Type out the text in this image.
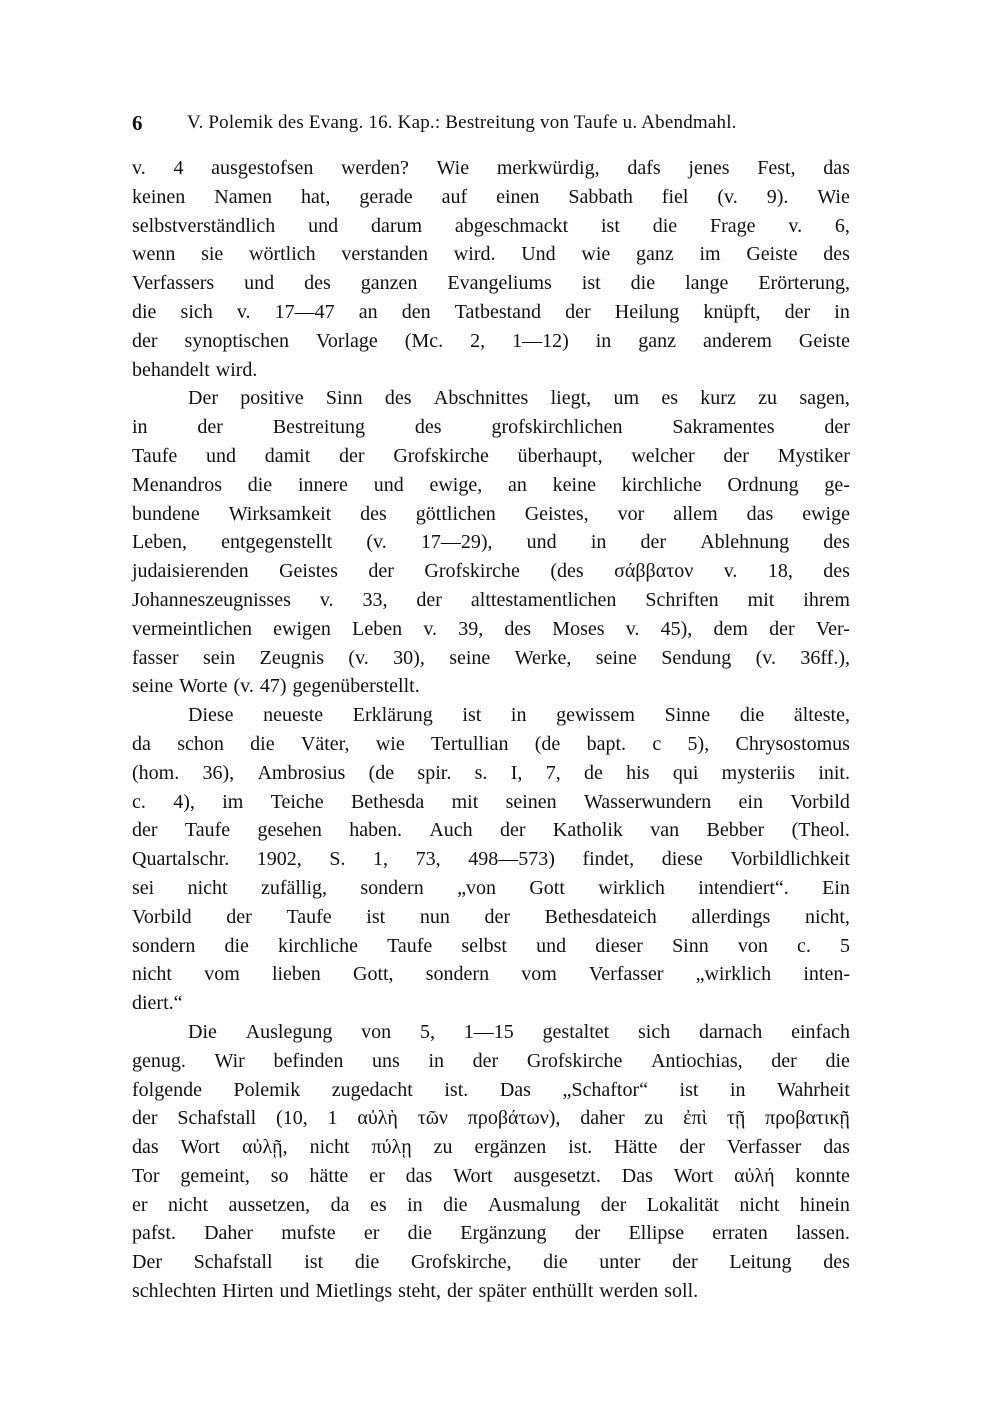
6 V. Polemik des Evang. 16. Kap.: Bestreitung von Taufe u. Abendmahl.
v. 4 ausgestofsen werden? Wie merkwürdig, dafs jenes Fest, das
keinen Namen hat, gerade auf einen Sabbath fiel (v. 9). Wie
selbstverständlich und darum abgeschmackt ist die Frage v. 6,
wenn sie wörtlich verstanden wird. Und wie ganz im Geiste des
Verfassers und des ganzen Evangeliums ist die lange Erörterung,
die sich v. 17—47 an den Tatbestand der Heilung knüpft, der in
der synoptischen Vorlage (Mc. 2, 1—12) in ganz anderem Geiste
behandelt wird.
Der positive Sinn des Abschnittes liegt, um es kurz zu sagen,
in der Bestreitung des grofskirchlichen Sakramentes der
Taufe und damit der Grofskirche überhaupt, welcher der Mystiker
Menandros die innere und ewige, an keine kirchliche Ordnung ge-
bundene Wirksamkeit des göttlichen Geistes, vor allem das ewige
Leben, entgegenstellt (v. 17—29), und in der Ablehnung des
judaisierenden Geistes der Grofskirche (des σάββατον v. 18, des
Johanneszeugnisses v. 33, der alttestamentlichen Schriften mit ihrem
vermeintlichen ewigen Leben v. 39, des Moses v. 45), dem der Ver-
fasser sein Zeugnis (v. 30), seine Werke, seine Sendung (v. 36ff.),
seine Worte (v. 47) gegenüberstellt.
Diese neueste Erklärung ist in gewissem Sinne die älteste,
da schon die Väter, wie Tertullian (de bapt. c 5), Chrysostomus
(hom. 36), Ambrosius (de spir. s. I, 7, de his qui mysteriis init.
c. 4), im Teiche Bethesda mit seinen Wasserwundern ein Vorbild
der Taufe gesehen haben. Auch der Katholik van Bebber (Theol.
Quartalschr. 1902, S. 1, 73, 498—573) findet, diese Vorbildlichkeit
sei nicht zufällig, sondern „von Gott wirklich intendiert“. Ein
Vorbild der Taufe ist nun der Bethesdateich allerdings nicht,
sondern die kirchliche Taufe selbst und dieser Sinn von c. 5
nicht vom lieben Gott, sondern vom Verfasser „wirklich inten-
diert.“
Die Auslegung von 5, 1—15 gestaltet sich darnach einfach
genug. Wir befinden uns in der Grofskirche Antiochias, der die
folgende Polemik zugedacht ist. Das „Schaftor“ ist in Wahrheit
der Schafstall (10, 1 αὐλὴ τῶν προβάτων), daher zu ἐπὶ τῇ προβατικῇ
das Wort αὐλῇ, nicht πύλῃ zu ergänzen ist. Hätte der Verfasser das
Tor gemeint, so hätte er das Wort ausgesetzt. Das Wort αὐλή konnte
er nicht aussetzen, da es in die Ausmalung der Lokalität nicht hinein
pafst. Daher mufste er die Ergänzung der Ellipse erraten lassen.
Der Schafstall ist die Grofskirche, die unter der Leitung des
schlechten Hirten und Mietlings steht, der später enthüllt werden soll.
